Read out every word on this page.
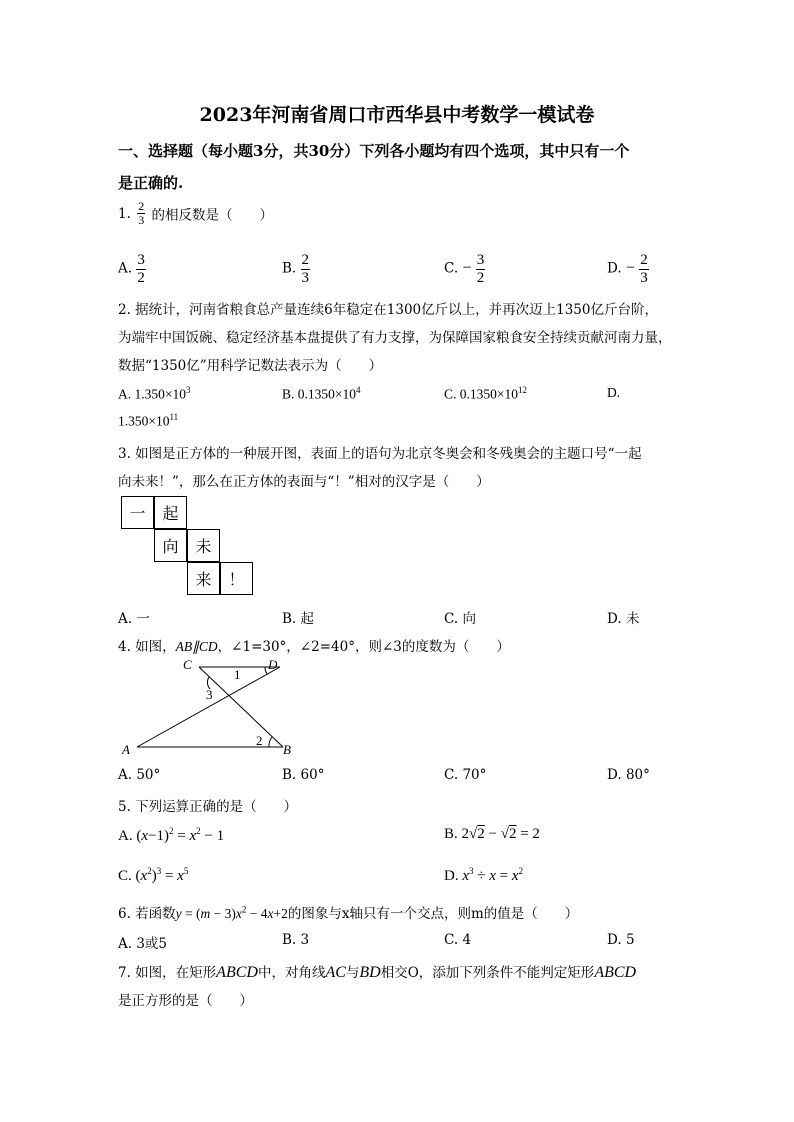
2023年河南省周口市西华县中考数学一模试卷
一、选择题（每小题3分，共30分）下列各小题均有四个选项，其中只有一个
是正确的.
1. $\frac{2}{3}$ 的相反数是（　　）
A. $\frac{3}{2}$	B. $\frac{2}{3}$	C. − $\frac{3}{2}$	D. − $\frac{2}{3}$
2. 据统计，河南省粮食总产量连续6年稳定在1300亿斤以上，并再次迈上1350亿斤台阶，
为端牢中国饭碗、稳定经济基本盘提供了有力支撑，为保障国家粮食安全持续贡献河南力量，
数据“1350亿”用科学记数法表示为（　　）
A. $1.350\times 10^3$	B. $0.1350\times 10^4$	C. $0.1350\times 10^{12}$	D.
$1.350\times 10^{11}$
3. 如图是正方体的一种展开图，表面上的语句为北京冬奥会和冬残奥会的主题口号“一起
向未来！”，那么在正方体的表面与“！”相对的汉字是（　　）
一	起
向	未
来	！
A. 一	B. 起	C. 向	D. 未
4. 如图，AB∥CD，∠1=30°，∠2=40°，则∠3的度数为（　　）
C	D
A	B
1
2
3
A. 50°	B. 60°	C. 70°	D. 80°
5. 下列运算正确的是（　　）
A. $(x-1)^2 = x^2 - 1$	B. 2√2 − √2 = 2
C. $(x^2)^3 = x^5$	D. $x^3 \div x = x^2$
6. 若函数$y = (m - 3)x^2 - 4x+2$的图象与x轴只有一个交点，则m的值是（　　）
A. 3或5	B. 3	C. 4	D. 5
7. 如图，在矩形ABCD中，对角线AC与BD相交O，添加下列条件不能判定矩形ABCD
是正方形的是（　　）
